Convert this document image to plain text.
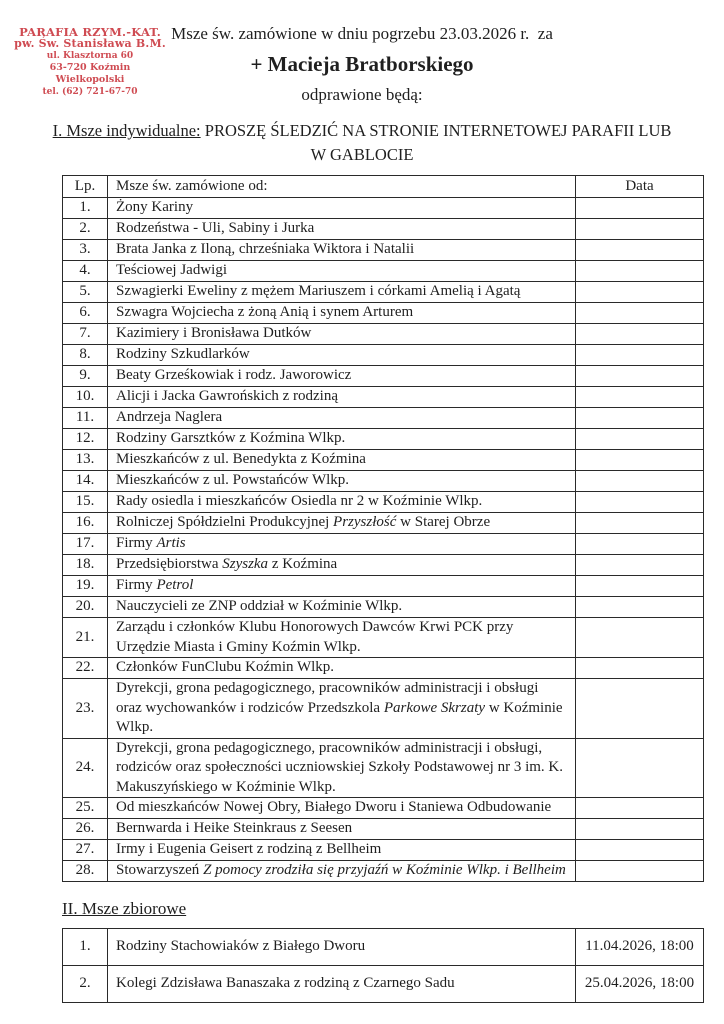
PARAFIA RZYM.-KAT.
pw. Św. Stanisława B.M.
ul. Klasztorna 60
63-720 Koźmin Wielkopolski
tel. (62) 721-67-70

Msze św. zamówione w dniu pogrzebu 23.03.2026 r.  za

+ Macieja Bratborskiego

odprawione będą:

I. Msze indywidualne: PROSZĘ ŚLEDZIĆ NA STRONIE INTERNETOWEJ PARAFII LUB W GABLOCIE
Lp.	Msze św. zamówione od:	Data
1.	Żony Kariny	
2.	Rodzeństwa - Uli, Sabiny i Jurka	
3.	Brata Janka z Iloną, chrześniaka Wiktora i Natalii	
4.	Teściowej Jadwigi	
5.	Szwagierki Eweliny z mężem Mariuszem i córkami Amelią i Agatą	
6.	Szwagra Wojciecha z żoną Anią i synem Arturem	
7.	Kazimiery i Bronisława Dutków	
8.	Rodziny Szkudlarków	
9.	Beaty Grześkowiak i rodz. Jaworowicz	
10.	Alicji i Jacka Gawrońskich z rodziną	
11.	Andrzeja Naglera	
12.	Rodziny Garsztków z Koźmina Wlkp.	
13.	Mieszkańców z ul. Benedykta z Koźmina	
14.	Mieszkańców z ul. Powstańców Wlkp.	
15.	Rady osiedla i mieszkańców Osiedla nr 2 w Koźminie Wlkp.	
16.	Rolniczej Spółdzielni Produkcyjnej Przyszłość w Starej Obrze	
17.	Firmy Artis	
18.	Przedsiębiorstwa Szyszka z Koźmina	
19.	Firmy Petrol	
20.	Nauczycieli ze ZNP oddział w Koźminie Wlkp.	
21.	Zarządu i członków Klubu Honorowych Dawców Krwi PCK przy Urzędzie Miasta i Gminy Koźmin Wlkp.	
22.	Członków FunClubu Koźmin Wlkp.	
23.	Dyrekcji, grona pedagogicznego, pracowników administracji i obsługi oraz wychowanków i rodziców Przedszkola Parkowe Skrzaty w Koźminie Wlkp.	
24.	Dyrekcji, grona pedagogicznego, pracowników administracji i obsługi, rodziców oraz społeczności uczniowskiej Szkoły Podstawowej nr 3 im. K. Makuszyńskiego w Koźminie Wlkp.	
25.	Od mieszkańców Nowej Obry, Białego Dworu i Staniewa Odbudowanie	
26.	Bernwarda i Heike Steinkraus z Seesen	
27.	Irmy i Eugenia Geisert z rodziną z Bellheim	
28.	Stowarzyszeń Z pomocy zrodziła się przyjaźń w Koźminie Wlkp. i Bellheim	
II. Msze zbiorowe
1.	Rodziny Stachowiaków z Białego Dworu	11.04.2026, 18:00
2.	Kolegi Zdzisława Banaszaka z rodziną z Czarnego Sadu	25.04.2026, 18:00
